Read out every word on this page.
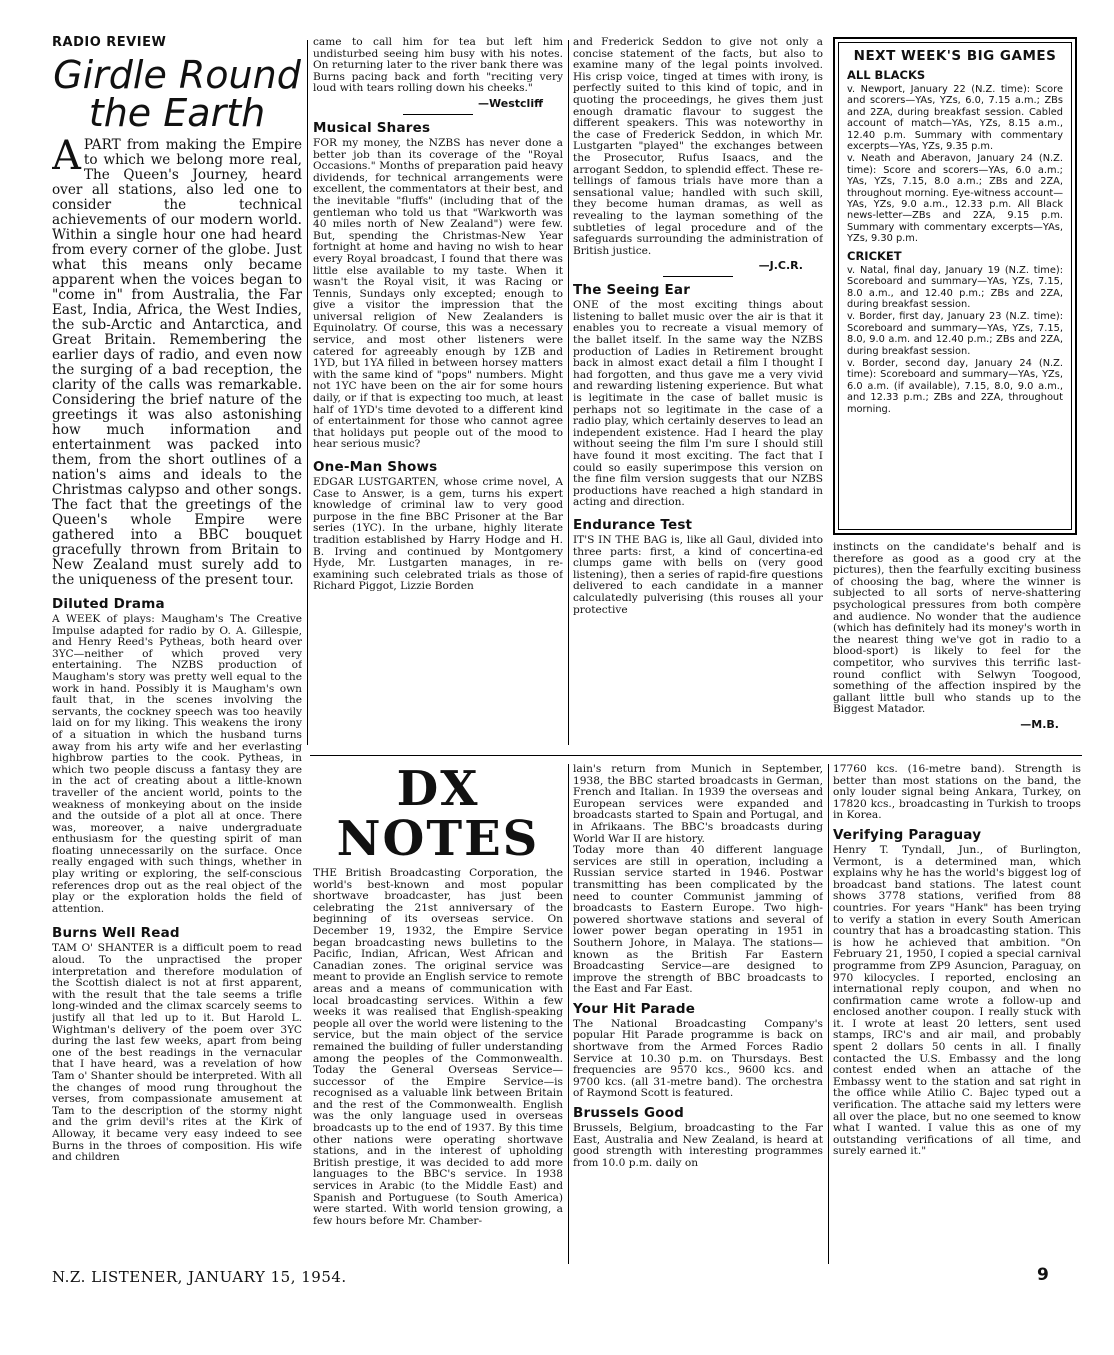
RADIO REVIEW
Girdle Round
the Earth
APART from making the Empire to which we belong more real, The Queen's Journey, heard over all stations, also led one to consider the technical achievements of our modern world. Within a single hour one had heard from every corner of the globe. Just what this means only became apparent when the voices began to "come in" from Australia, the Far East, India, Africa, the West Indies, the sub-Arctic and Antarctica, and Great Britain. Remembering the earlier days of radio, and even now the surging of a bad reception, the clarity of the calls was remarkable. Considering the brief nature of the greetings it was also astonishing how much information and entertainment was packed into them, from the short outlines of a nation's aims and ideals to the Christmas calypso and other songs. The fact that the greetings of the Queen's whole Empire were gathered into a BBC bouquet gracefully thrown from Britain to New Zealand must surely add to the uniqueness of the present tour.
Diluted Drama

A WEEK of plays: Maugham's The Creative Impulse adapted for radio by O. A. Gillespie, and Henry Reed's Pytheas, both heard over 3YC—neither of which proved very entertaining. The NZBS production of Maugham's story was pretty well equal to the work in hand. Possibly it is Maugham's own fault that, in the scenes involving the servants, the cockney speech was too heavily laid on for my liking. This weakens the irony of a situation in which the husband turns away from his arty wife and her everlasting highbrow parties to the cook. Pytheas, in which two people discuss a fantasy they are in the act of creating about a little-known traveller of the ancient world, points to the weakness of monkeying about on the inside and the outside of a plot all at once. There was, moreover, a naive undergraduate enthusiasm for the questing spirit of man floating unnecessarily on the surface. Once really engaged with such things, whether in play writing or exploring, the self-conscious references drop out as the real object of the play or the exploration holds the field of attention.

Burns Well Read

TAM O' SHANTER is a difficult poem to read aloud. To the unpractised the proper interpretation and therefore modulation of the Scottish dialect is not at first apparent, with the result that the tale seems a trifle long-winded and the climax scarcely seems to justify all that led up to it. But Harold L. Wightman's delivery of the poem over 3YC during the last few weeks, apart from being one of the best readings in the vernacular that I have heard, was a revelation of how Tam o' Shanter should be interpreted. With all the changes of mood rung throughout the verses, from compassionate amusement at Tam to the description of the stormy night and the grim devil's rites at the Kirk of Alloway, it became very easy indeed to see Burns in the throes of composition. His wife and children

came to call him for tea but left him undisturbed seeing him busy with his notes. On returning later to the river bank there was Burns pacing back and forth "reciting very loud with tears rolling down his cheeks."

—Westcliff
Musical Shares

FOR my money, the NZBS has never done a better job than its coverage of the "Royal Occasions." Months of preparation paid heavy dividends, for technical arrangements were excellent, the commentators at their best, and the inevitable "fluffs" (including that of the gentleman who told us that "Warkworth was 40 miles north of New Zealand") were few. But, spending the Christmas-New Year fortnight at home and having no wish to hear every Royal broadcast, I found that there was little else available to my taste. When it wasn't the Royal visit, it was Racing or Tennis, Sundays only excepted; enough to give a visitor the impression that the universal religion of New Zealanders is Equinolatry. Of course, this was a necessary service, and most other listeners were catered for agreeably enough by 1ZB and 1YD, but 1YA filled in between horsey matters with the same kind of "pops" numbers. Might not 1YC have been on the air for some hours daily, or if that is expecting too much, at least half of 1YD's time devoted to a different kind of entertainment for those who cannot agree that holidays put people out of the mood to hear serious music?

One-Man Shows

EDGAR LUSTGARTEN, whose crime novel, A Case to Answer, is a gem, turns his expert knowledge of criminal law to very good purpose in the fine BBC Prisoner at the Bar series (1YC). In the urbane, highly literate tradition established by Harry Hodge and H. B. Irving and continued by Montgomery Hyde, Mr. Lustgarten manages, in re-examining such celebrated trials as those of Richard Piggot, Lizzie Borden

and Frederick Seddon to give not only a concise statement of the facts, but also to examine many of the legal points involved. His crisp voice, tinged at times with irony, is perfectly suited to this kind of topic, and in quoting the proceedings, he gives them just enough dramatic flavour to suggest the different speakers. This was noteworthy in the case of Frederick Seddon, in which Mr. Lustgarten "played" the exchanges between the Prosecutor, Rufus Isaacs, and the arrogant Seddon, to splendid effect. These re-tellings of famous trials have more than a sensational value; handled with such skill, they become human dramas, as well as revealing to the layman something of the subtleties of legal procedure and of the safeguards surrounding the administration of British justice.

—J.C.R.
The Seeing Ear

ONE of the most exciting things about listening to ballet music over the air is that it enables you to recreate a visual memory of the ballet itself. In the same way the NZBS production of Ladies in Retirement brought back in almost exact detail a film I thought I had forgotten, and thus gave me a very vivid and rewarding listening experience. But what is legitimate in the case of ballet music is perhaps not so legitimate in the case of a radio play, which certainly deserves to lead an independent existence. Had I heard the play without seeing the film I'm sure I should still have found it most exciting. The fact that I could so easily superimpose this version on the fine film version suggests that our NZBS productions have reached a high standard in acting and direction.

Endurance Test

IT'S IN THE BAG is, like all Gaul, divided into three parts: first, a kind of concertina-ed clumps game with bells on (very good listening), then a series of rapid-fire questions delivered to each candidate in a manner calculatedly pulverising (this rouses all your protective

NEXT WEEK'S BIG GAMES
ALL BLACKS

v. Newport, January 22 (N.Z. time): Score and scorers—YAs, YZs, 6.0, 7.15 a.m.; ZBs and 2ZA, during breakfast session. Cabled account of match—YAs, YZs, 8.15 a.m., 12.40 p.m. Summary with commentary excerpts—YAs, YZs, 9.35 p.m.

v. Neath and Aberavon, January 24 (N.Z. time): Score and scorers—YAs, 6.0 a.m.; YAs, YZs, 7.15, 8.0 a.m.; ZBs and 2ZA, throughout morning. Eye-witness account—YAs, YZs, 9.0 a.m., 12.33 p.m. All Black news-letter—ZBs and 2ZA, 9.15 p.m. Summary with commentary excerpts—YAs, YZs, 9.30 p.m.

CRICKET

v. Natal, final day, January 19 (N.Z. time): Scoreboard and summary—YAs, YZs, 7.15, 8.0 a.m., and 12.40 p.m.; ZBs and 2ZA, during breakfast session.

v. Border, first day, January 23 (N.Z. time): Scoreboard and summary—YAs, YZs, 7.15, 8.0, 9.0 a.m. and 12.40 p.m.; ZBs and 2ZA, during breakfast session.

v. Border, second day, January 24 (N.Z. time): Scoreboard and summary—YAs, YZs, 6.0 a.m. (if available), 7.15, 8.0, 9.0 a.m., and 12.33 p.m.; ZBs and 2ZA, throughout morning.

instincts on the candidate's behalf and is therefore as good as a good cry at the pictures), then the fearfully exciting business of choosing the bag, where the winner is subjected to all sorts of nerve-shattering psychological pressures from both compère and audience. No wonder that the audience (which has definitely had its money's worth in the nearest thing we've got in radio to a blood-sport) is likely to feel for the competitor, who survives this terrific last-round conflict with Selwyn Toogood, something of the affection inspired by the gallant little bull who stands up to the Biggest Matador.

—M.B.
DX NOTES

THE British Broadcasting Corporation, the world's best-known and most popular shortwave broadcaster, has just been celebrating the 21st anniversary of the beginning of its overseas service. On December 19, 1932, the Empire Service began broadcasting news bulletins to the Pacific, Indian, African, West African and Canadian zones. The original service was meant to provide an English service to remote areas and a means of communication with local broadcasting services. Within a few weeks it was realised that English-speaking people all over the world were listening to the service, but the main object of the service remained the building of fuller understanding among the peoples of the Commonwealth. Today the General Overseas Service—successor of the Empire Service—is recognised as a valuable link between Britain and the rest of the Commonwealth. English was the only language used in overseas broadcasts up to the end of 1937. By this time other nations were operating shortwave stations, and in the interest of upholding British prestige, it was decided to add more languages to the BBC's service. In 1938 services in Arabic (to the Middle East) and Spanish and Portuguese (to South America) were started. With world tension growing, a few hours before Mr. Chamber-

lain's return from Munich in September, 1938, the BBC started broadcasts in German, French and Italian. In 1939 the overseas and European services were expanded and broadcasts started to Spain and Portugal, and in Afrikaans. The BBC's broadcasts during World War II are history.

Today more than 40 different language services are still in operation, including a Russian service started in 1946. Postwar transmitting has been complicated by the need to counter Communist jamming of broadcasts to Eastern Europe. Two high-powered shortwave stations and several of lower power began operating in 1951 in Southern Johore, in Malaya. The stations—known as the British Far Eastern Broadcasting Service—are designed to improve the strength of BBC broadcasts to the East and Far East.

Your Hit Parade

The National Broadcasting Company's popular Hit Parade programme is back on shortwave from the Armed Forces Radio Service at 10.30 p.m. on Thursdays. Best frequencies are 9570 kcs., 9600 kcs. and 9700 kcs. (all 31-metre band). The orchestra of Raymond Scott is featured.

Brussels Good

Brussels, Belgium, broadcasting to the Far East, Australia and New Zealand, is heard at good strength with interesting programmes from 10.0 p.m. daily on

17760 kcs. (16-metre band). Strength is better than most stations on the band, the only louder signal being Ankara, Turkey, on 17820 kcs., broadcasting in Turkish to troops in Korea.

Verifying Paraguay

Henry T. Tyndall, Jun., of Burlington, Vermont, is a determined man, which explains why he has the world's biggest log of broadcast band stations. The latest count shows 3778 stations, verified from 88 countries. For years "Hank" has been trying to verify a station in every South American country that has a broadcasting station. This is how he achieved that ambition. "On February 21, 1950, I copied a special carnival programme from ZP9 Asuncion, Paraguay, on 970 kilocycles. I reported, enclosing an international reply coupon, and when no confirmation came wrote a follow-up and enclosed another coupon. I really stuck with it. I wrote at least 20 letters, sent used stamps, IRC's and air mail, and probably spent 2 dollars 50 cents in all. I finally contacted the U.S. Embassy and the long contest ended when an attache of the Embassy went to the station and sat right in the office while Atilio C. Bajec typed out a verification. The attache said my letters were all over the place, but no one seemed to know what I wanted. I value this as one of my outstanding verifications of all time, and surely earned it."

N.Z. LISTENER, JANUARY 15, 1954.	9
